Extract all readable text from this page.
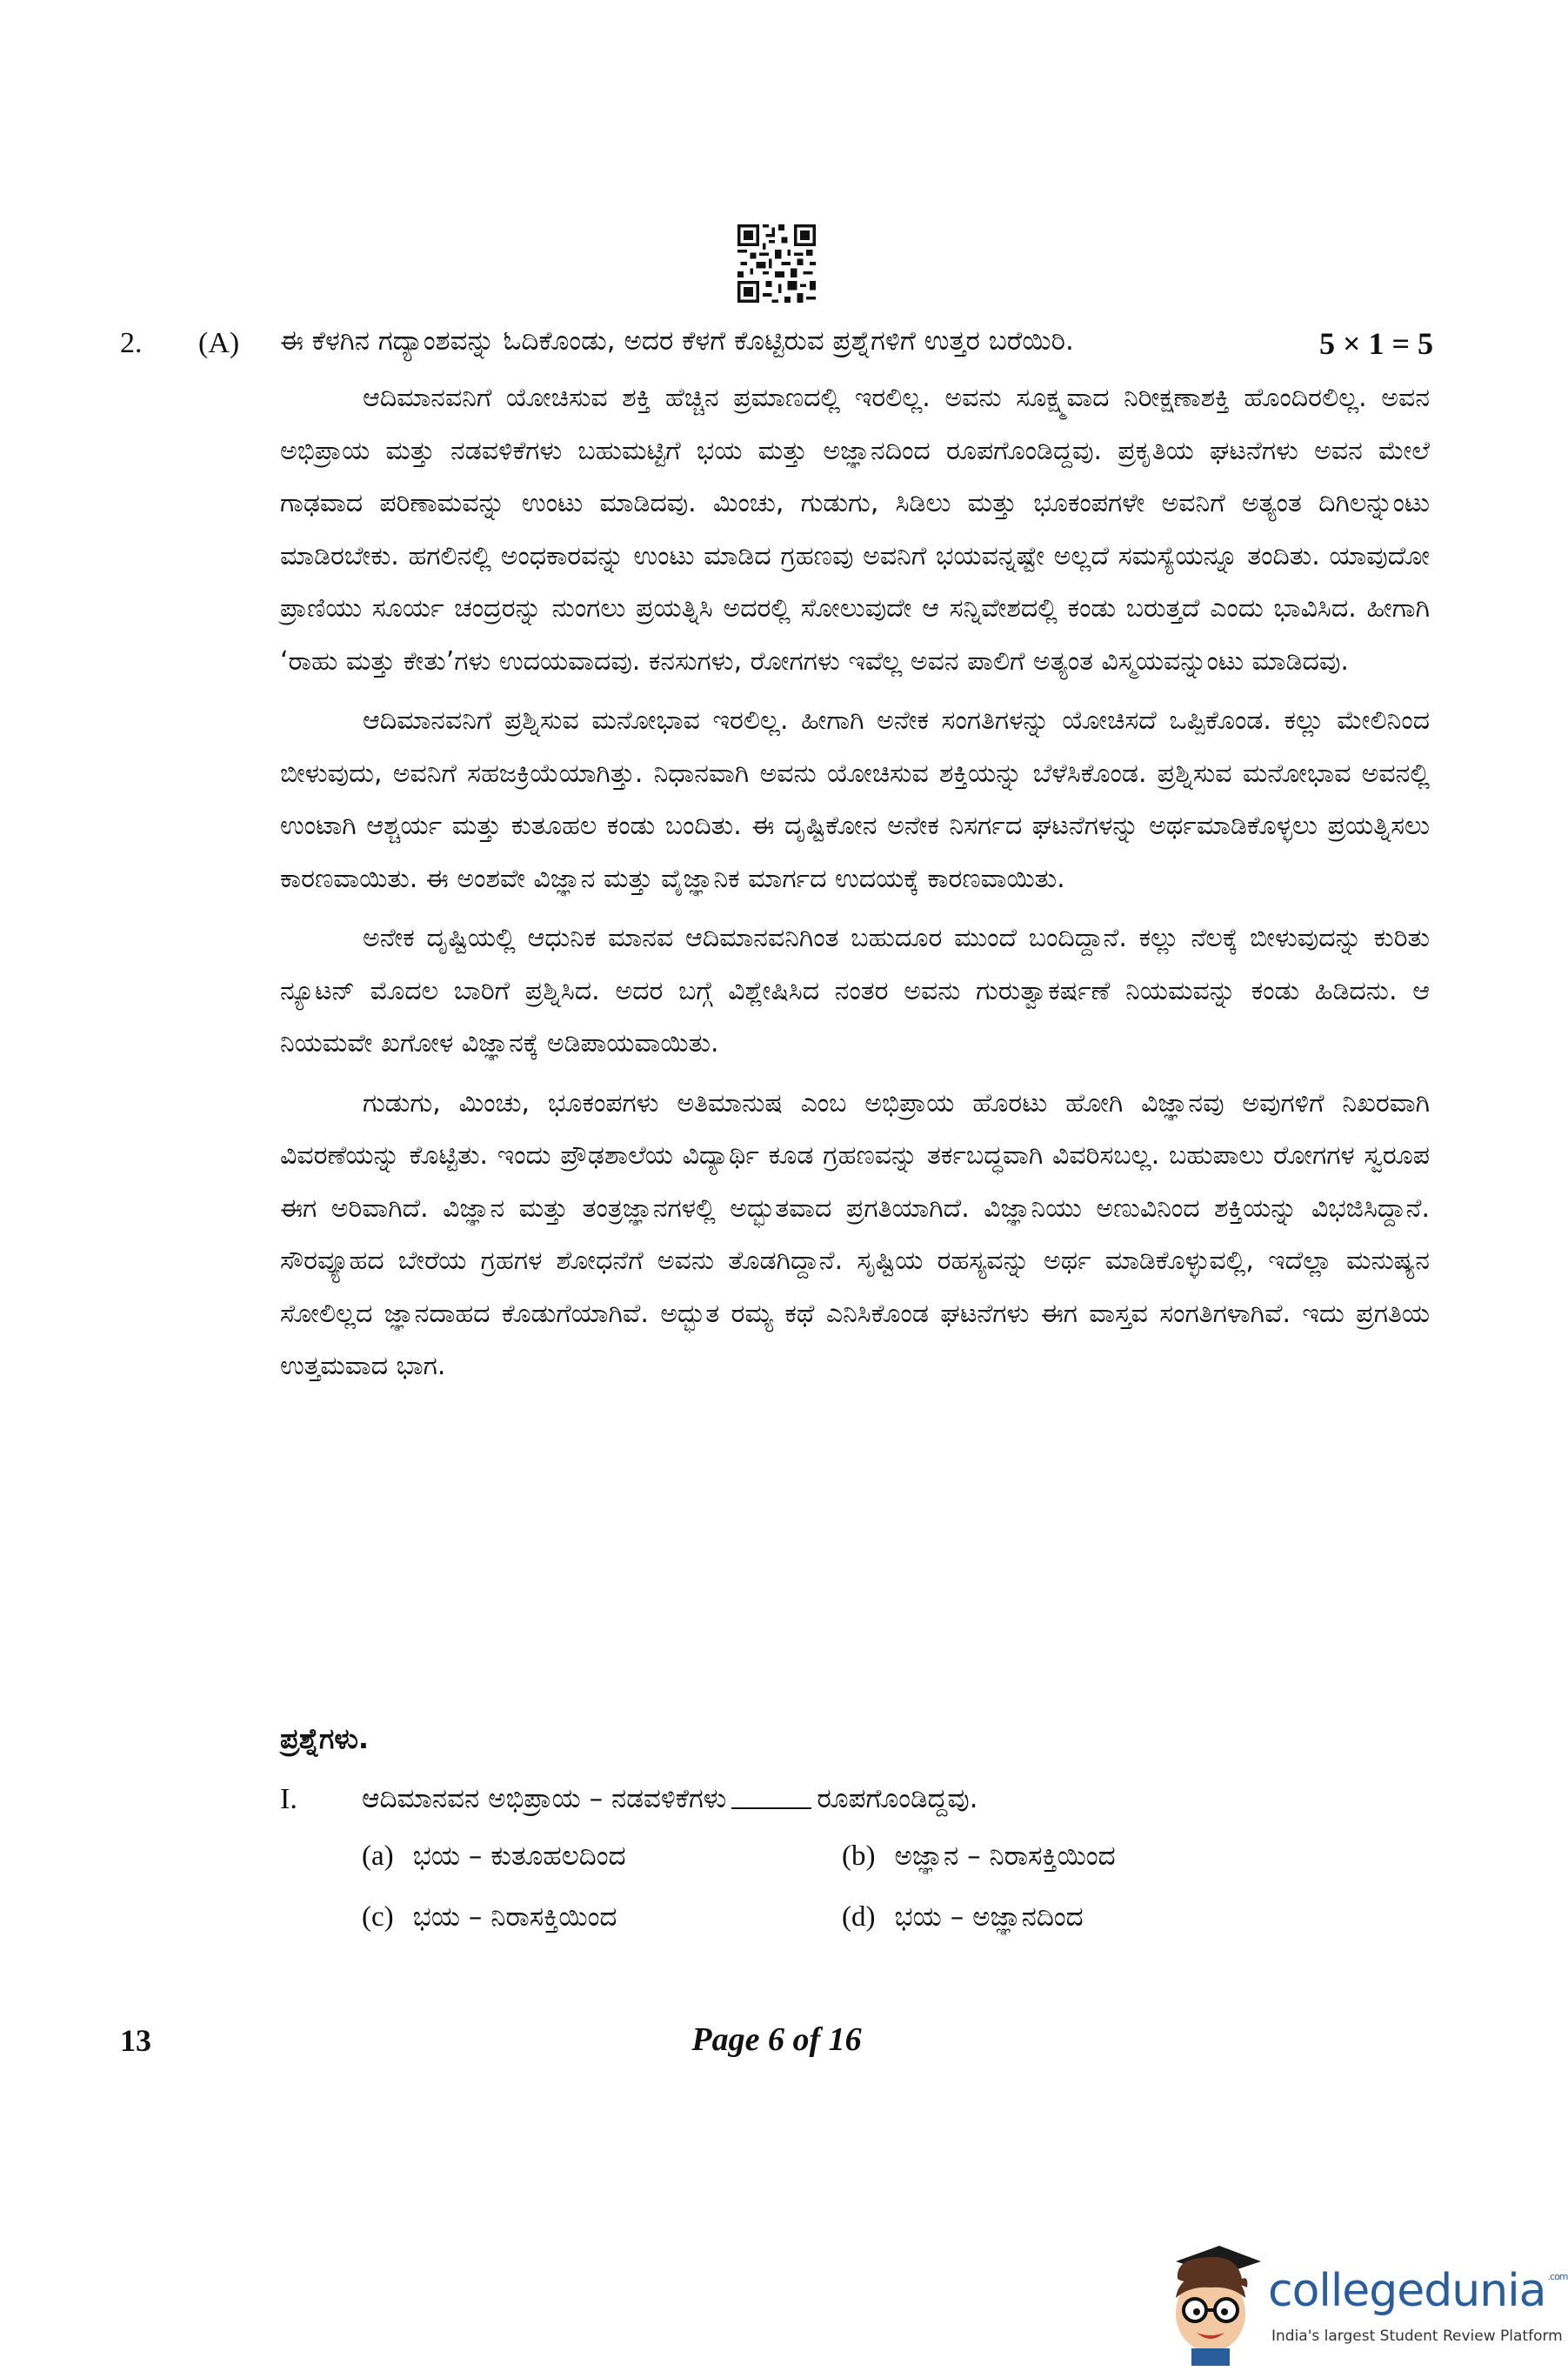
2. (A) ಈ ಕೆಳಗಿನ ಗದ್ಯಾಂಶವನ್ನು ಓದಿಕೊಂಡು, ಅದರ ಕೆಳಗೆ ಕೊಟ್ಟಿರುವ ಪ್ರಶ್ನೆಗಳಿಗೆ ಉತ್ತರ ಬರೆಯಿರಿ.	5 × 1 = 5

ಆದಿಮಾನವನಿಗೆ ಯೋಚಿಸುವ ಶಕ್ತಿ ಹೆಚ್ಚಿನ ಪ್ರಮಾಣದಲ್ಲಿ ಇರಲಿಲ್ಲ. ಅವನು ಸೂಕ್ಷ್ಮವಾದ ನಿರೀಕ್ಷಣಾಶಕ್ತಿ ಹೊಂದಿರಲಿಲ್ಲ. ಅವನ ಅಭಿಪ್ರಾಯ ಮತ್ತು ನಡವಳಿಕೆಗಳು ಬಹುಮಟ್ಟಿಗೆ ಭಯ ಮತ್ತು ಅಜ್ಞಾನದಿಂದ ರೂಪಗೊಂಡಿದ್ದವು. ಪ್ರಕೃತಿಯ ಘಟನೆಗಳು ಅವನ ಮೇಲೆ ಗಾಢವಾದ ಪರಿಣಾಮವನ್ನು ಉಂಟು ಮಾಡಿದವು. ಮಿಂಚು, ಗುಡುಗು, ಸಿಡಿಲು ಮತ್ತು ಭೂಕಂಪಗಳೇ ಅವನಿಗೆ ಅತ್ಯಂತ ದಿಗಿಲನ್ನುಂಟು ಮಾಡಿರಬೇಕು. ಹಗಲಿನಲ್ಲಿ ಅಂಧಕಾರವನ್ನು ಉಂಟು ಮಾಡಿದ ಗ್ರಹಣವು ಅವನಿಗೆ ಭಯವನ್ನಷ್ಟೇ ಅಲ್ಲದೆ ಸಮಸ್ಯೆಯನ್ನೂ ತಂದಿತು. ಯಾವುದೋ ಪ್ರಾಣಿಯು ಸೂರ್ಯ ಚಂದ್ರರನ್ನು ನುಂಗಲು ಪ್ರಯತ್ನಿಸಿ ಅದರಲ್ಲಿ ಸೋಲುವುದೇ ಆ ಸನ್ನಿವೇಶದಲ್ಲಿ ಕಂಡು ಬರುತ್ತದೆ ಎಂದು ಭಾವಿಸಿದ. ಹೀಗಾಗಿ ‘ರಾಹು ಮತ್ತು ಕೇತು’ಗಳು ಉದಯವಾದವು. ಕನಸುಗಳು, ರೋಗಗಳು ಇವೆಲ್ಲ ಅವನ ಪಾಲಿಗೆ ಅತ್ಯಂತ ವಿಸ್ಮಯವನ್ನುಂಟು ಮಾಡಿದವು.

ಆದಿಮಾನವನಿಗೆ ಪ್ರಶ್ನಿಸುವ ಮನೋಭಾವ ಇರಲಿಲ್ಲ. ಹೀಗಾಗಿ ಅನೇಕ ಸಂಗತಿಗಳನ್ನು ಯೋಚಿಸದೆ ಒಪ್ಪಿಕೊಂಡ. ಕಲ್ಲು ಮೇಲಿನಿಂದ ಬೀಳುವುದು, ಅವನಿಗೆ ಸಹಜಕ್ರಿಯೆಯಾಗಿತ್ತು. ನಿಧಾನವಾಗಿ ಅವನು ಯೋಚಿಸುವ ಶಕ್ತಿಯನ್ನು ಬೆಳೆಸಿಕೊಂಡ. ಪ್ರಶ್ನಿಸುವ ಮನೋಭಾವ ಅವನಲ್ಲಿ ಉಂಟಾಗಿ ಆಶ್ಚರ್ಯ ಮತ್ತು ಕುತೂಹಲ ಕಂಡು ಬಂದಿತು. ಈ ದೃಷ್ಟಿಕೋನ ಅನೇಕ ನಿಸರ್ಗದ ಘಟನೆಗಳನ್ನು ಅರ್ಥಮಾಡಿಕೊಳ್ಳಲು ಪ್ರಯತ್ನಿಸಲು ಕಾರಣವಾಯಿತು. ಈ ಅಂಶವೇ ವಿಜ್ಞಾನ ಮತ್ತು ವೈಜ್ಞಾನಿಕ ಮಾರ್ಗದ ಉದಯಕ್ಕೆ ಕಾರಣವಾಯಿತು.

ಅನೇಕ ದೃಷ್ಟಿಯಲ್ಲಿ ಆಧುನಿಕ ಮಾನವ ಆದಿಮಾನವನಿಗಿಂತ ಬಹುದೂರ ಮುಂದೆ ಬಂದಿದ್ದಾನೆ. ಕಲ್ಲು ನೆಲಕ್ಕೆ ಬೀಳುವುದನ್ನು ಕುರಿತು ನ್ಯೂಟನ್ ಮೊದಲ ಬಾರಿಗೆ ಪ್ರಶ್ನಿಸಿದ. ಅದರ ಬಗ್ಗೆ ವಿಶ್ಲೇಷಿಸಿದ ನಂತರ ಅವನು ಗುರುತ್ವಾಕರ್ಷಣೆ ನಿಯಮವನ್ನು ಕಂಡು ಹಿಡಿದನು. ಆ ನಿಯಮವೇ ಖಗೋಳ ವಿಜ್ಞಾನಕ್ಕೆ ಅಡಿಪಾಯವಾಯಿತು.

ಗುಡುಗು, ಮಿಂಚು, ಭೂಕಂಪಗಳು ಅತಿಮಾನುಷ ಎಂಬ ಅಭಿಪ್ರಾಯ ಹೊರಟು ಹೋಗಿ ವಿಜ್ಞಾನವು ಅವುಗಳಿಗೆ ನಿಖರವಾಗಿ ವಿವರಣೆಯನ್ನು ಕೊಟ್ಟಿತು. ಇಂದು ಪ್ರೌಢಶಾಲೆಯ ವಿದ್ಯಾರ್ಥಿ ಕೂಡ ಗ್ರಹಣವನ್ನು ತರ್ಕಬದ್ಧವಾಗಿ ವಿವರಿಸಬಲ್ಲ. ಬಹುಪಾಲು ರೋಗಗಳ ಸ್ವರೂಪ ಈಗ ಅರಿವಾಗಿದೆ. ವಿಜ್ಞಾನ ಮತ್ತು ತಂತ್ರಜ್ಞಾನಗಳಲ್ಲಿ ಅದ್ಭುತವಾದ ಪ್ರಗತಿಯಾಗಿದೆ. ವಿಜ್ಞಾನಿಯು ಅಣುವಿನಿಂದ ಶಕ್ತಿಯನ್ನು ವಿಭಜಿಸಿದ್ದಾನೆ. ಸೌರವ್ಯೂಹದ ಬೇರೆಯ ಗ್ರಹಗಳ ಶೋಧನೆಗೆ ಅವನು ತೊಡಗಿದ್ದಾನೆ. ಸೃಷ್ಟಿಯ ರಹಸ್ಯವನ್ನು ಅರ್ಥ ಮಾಡಿಕೊಳ್ಳುವಲ್ಲಿ, ಇದೆಲ್ಲಾ ಮನುಷ್ಯನ ಸೋಲಿಲ್ಲದ ಜ್ಞಾನದಾಹದ ಕೊಡುಗೆಯಾಗಿವೆ. ಅದ್ಭುತ ರಮ್ಯ ಕಥೆ ಎನಿಸಿಕೊಂಡ ಘಟನೆಗಳು ಈಗ ವಾಸ್ತವ ಸಂಗತಿಗಳಾಗಿವೆ. ಇದು ಪ್ರಗತಿಯ ಉತ್ತಮವಾದ ಭಾಗ.

ಪ್ರಶ್ನೆಗಳು.
I. ಆದಿಮಾನವನ ಅಭಿಪ್ರಾಯ – ನಡವಳಿಕೆಗಳು	ರೂಪಗೊಂಡಿದ್ದವು.
(a) ಭಯ – ಕುತೂಹಲದಿಂದ	(b) ಅಜ್ಞಾನ – ನಿರಾಸಕ್ತಿಯಿಂದ
(c) ಭಯ – ನಿರಾಸಕ್ತಿಯಿಂದ	(d) ಭಯ – ಅಜ್ಞಾನದಿಂದ
13	Page 6 of 16
collegedunia $^{.com}$
India's largest Student Review Platform
